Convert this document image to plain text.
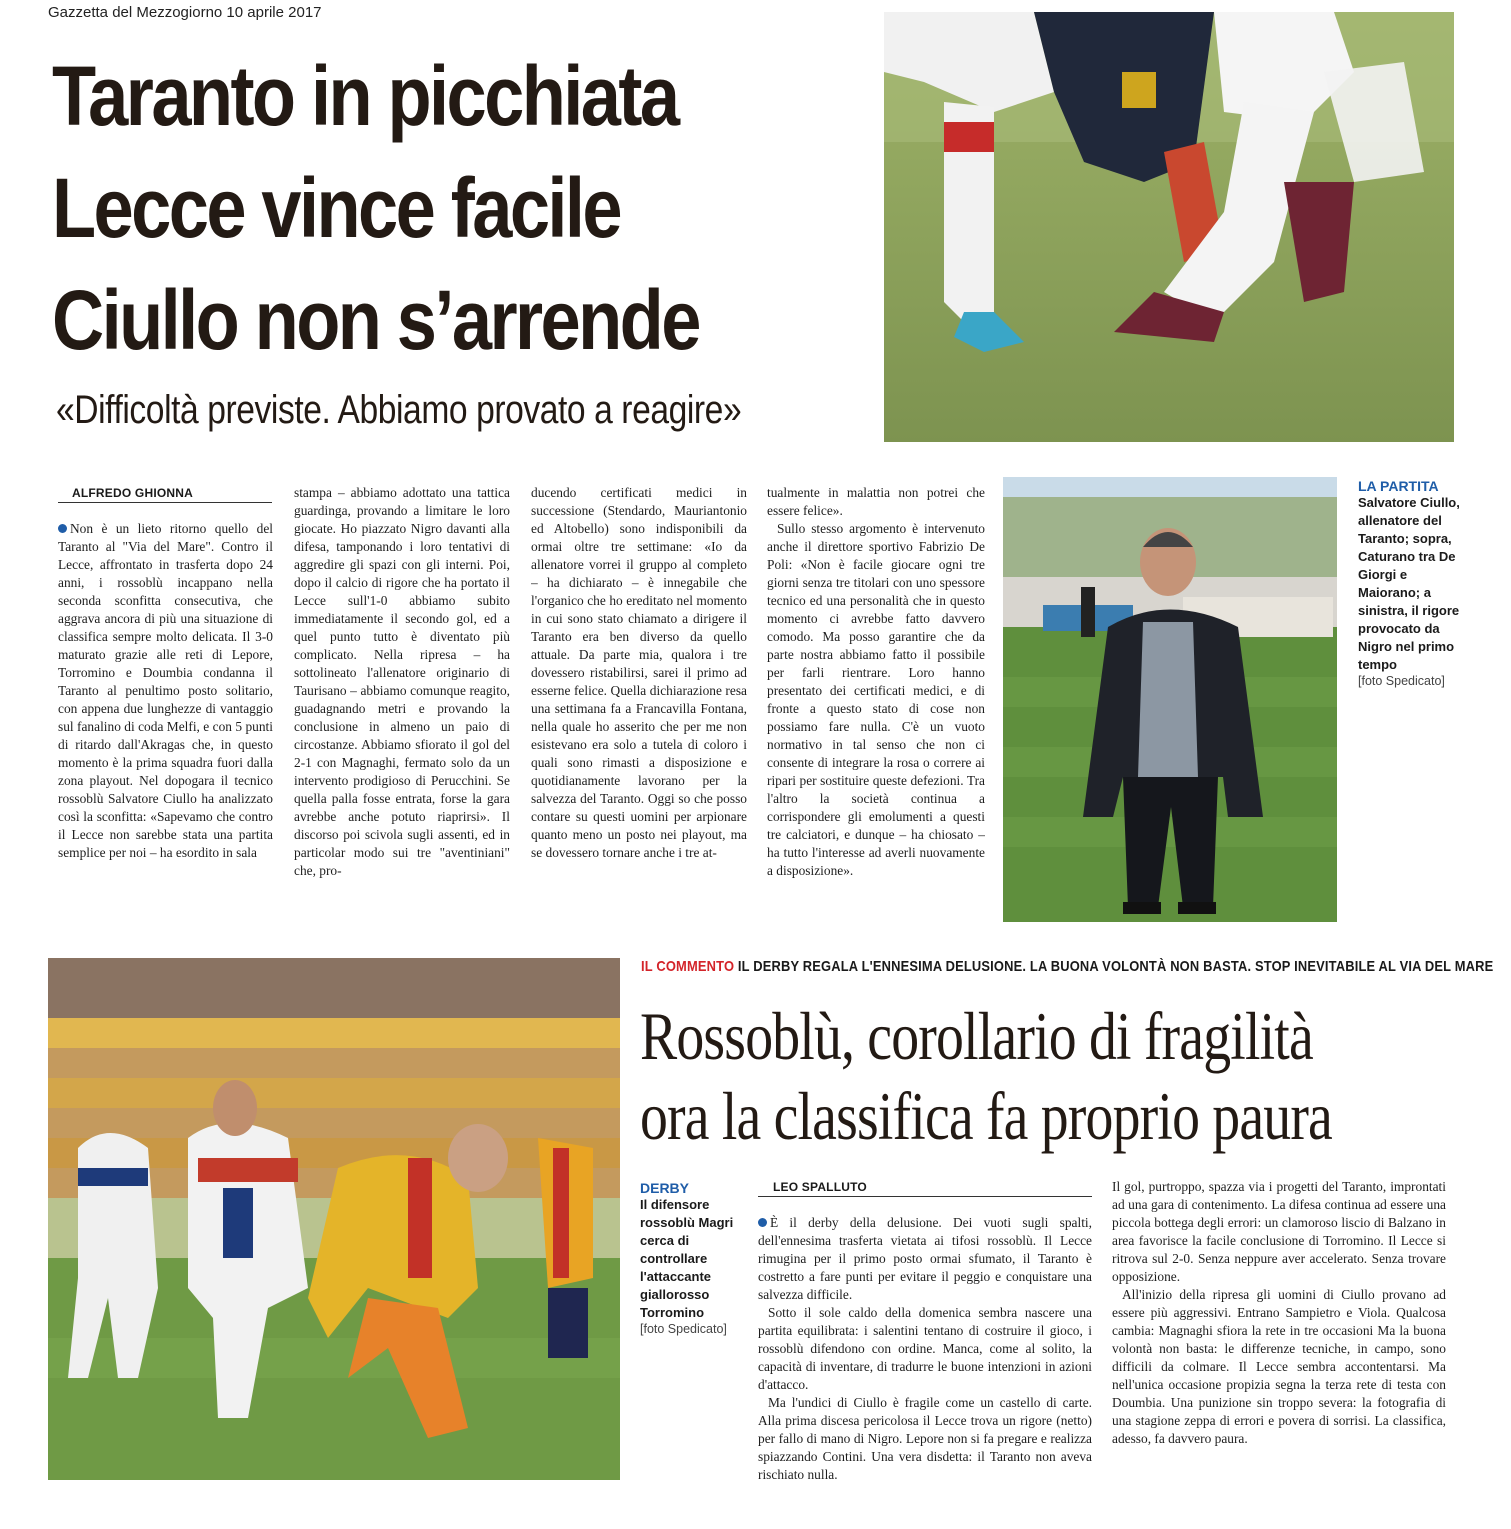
Gazzetta del Mezzogiorno 10 aprile 2017
Taranto in picchiata
Lecce vince facile
Ciullo non s’arrende
«Difficoltà previste. Abbiamo provato a reagire»
ALFREDO GHIONNA

Non è un lieto ritorno quello del Taranto al "Via del Mare". Contro il Lecce, affrontato in trasferta dopo 24 anni, i rossoblù incappano nella seconda sconfitta consecutiva, che aggrava ancora di più una situazione di classifica sempre molto delicata. Il 3-0 maturato grazie alle reti di Lepore, Torromino e Doumbia condanna il Taranto al penultimo posto solitario, con appena due lunghezze di vantaggio sul fanalino di coda Melfi, e con 5 punti di ritardo dall'Akragas che, in questo momento è la prima squadra fuori dalla zona playout. Nel dopogara il tecnico rossoblù Salvatore Ciullo ha analizzato così la sconfitta: «Sapevamo che contro il Lecce non sarebbe stata una partita semplice per noi – ha esordito in sala

stampa – abbiamo adottato una tattica guardinga, provando a limitare le loro giocate. Ho piazzato Nigro davanti alla difesa, tamponando i loro tentativi di aggredire gli spazi con gli interni. Poi, dopo il calcio di rigore che ha portato il Lecce sull'1-0 abbiamo subito immediatamente il secondo gol, ed a quel punto tutto è diventato più complicato. Nella ripresa – ha sottolineato l'allenatore originario di Taurisano – abbiamo comunque reagito, guadagnando metri e provando la conclusione in almeno un paio di circostanze. Abbiamo sfiorato il gol del 2-1 con Magnaghi, fermato solo da un intervento prodigioso di Perucchini. Se quella palla fosse entrata, forse la gara avrebbe anche potuto riaprirsi». Il discorso poi scivola sugli assenti, ed in particolar modo sui tre "aventiniani" che, pro-

ducendo certificati medici in successione (Stendardo, Mauriantonio ed Altobello) sono indisponibili da ormai oltre tre settimane: «Io da allenatore vorrei il gruppo al completo – ha dichiarato – è innegabile che l'organico che ho ereditato nel momento in cui sono stato chiamato a dirigere il Taranto era ben diverso da quello attuale. Da parte mia, qualora i tre dovessero ristabilirsi, sarei il primo ad esserne felice. Quella dichiarazione resa una settimana fa a Francavilla Fontana, nella quale ho asserito che per me non esistevano era solo a tutela di coloro i quali sono rimasti a disposizione e quotidianamente lavorano per la salvezza del Taranto. Oggi so che posso contare su questi uomini per arpionare quanto meno un posto nei playout, ma se dovessero tornare anche i tre at-

tualmente in malattia non potrei che essere felice».

Sullo stesso argomento è intervenuto anche il direttore sportivo Fabrizio De Poli: «Non è facile giocare ogni tre giorni senza tre titolari con uno spessore tecnico ed una personalità che in questo momento ci avrebbe fatto davvero comodo. Ma posso garantire che da parte nostra abbiamo fatto il possibile per farli rientrare. Loro hanno presentato dei certificati medici, e di fronte a questo stato di cose non possiamo fare nulla. C'è un vuoto normativo in tal senso che non ci consente di integrare la rosa o correre ai ripari per sostituire queste defezioni. Tra l'altro la società continua a corrispondere gli emolumenti a questi tre calciatori, e dunque – ha chiosato – ha tutto l'interesse ad averli nuovamente a disposizione».

LA PARTITA
Salvatore Ciullo, allenatore del Taranto; sopra, Caturano tra De Giorgi e Maiorano; a sinistra, il rigore provocato da Nigro nel primo tempo
[foto Spedicato]
IL COMMENTO IL DERBY REGALA L'ENNESIMA DELUSIONE. LA BUONA VOLONTÀ NON BASTA. STOP INEVITABILE AL VIA DEL MARE
Rossoblù, corollario di fragilità
ora la classifica fa proprio paura
DERBY
Il difensore rossoblù Magri cerca di controllare l'attaccante giallorosso Torromino
[foto Spedicato]
LEO SPALLUTO

È il derby della delusione. Dei vuoti sugli spalti, dell'ennesima trasferta vietata ai tifosi rossoblù. Il Lecce rimugina per il primo posto ormai sfumato, il Taranto è costretto a fare punti per evitare il peggio e conquistare una salvezza difficile.

Sotto il sole caldo della domenica sembra nascere una partita equilibrata: i salentini tentano di costruire il gioco, i rossoblù difendono con ordine. Manca, come al solito, la capacità di inventare, di tradurre le buone intenzioni in azioni d'attacco.

Ma l'undici di Ciullo è fragile come un castello di carte. Alla prima discesa pericolosa il Lecce trova un rigore (netto) per fallo di mano di Nigro. Lepore non si fa pregare e realizza spiazzando Contini. Una vera disdetta: il Taranto non aveva rischiato nulla.

Il gol, purtroppo, spazza via i progetti del Taranto, improntati ad una gara di contenimento. La difesa continua ad essere una piccola bottega degli errori: un clamoroso liscio di Balzano in area favorisce la facile conclusione di Torromino. Il Lecce si ritrova sul 2-0. Senza neppure aver accelerato. Senza trovare opposizione.

All'inizio della ripresa gli uomini di Ciullo provano ad essere più aggressivi. Entrano Sampietro e Viola. Qualcosa cambia: Magnaghi sfiora la rete in tre occasioni Ma la buona volontà non basta: le differenze tecniche, in campo, sono difficili da colmare. Il Lecce sembra accontentarsi. Ma nell'unica occasione propizia segna la terza rete di testa con Doumbia. Una punizione sin troppo severa: la fotografia di una stagione zeppa di errori e povera di sorrisi. La classifica, adesso, fa davvero paura.
